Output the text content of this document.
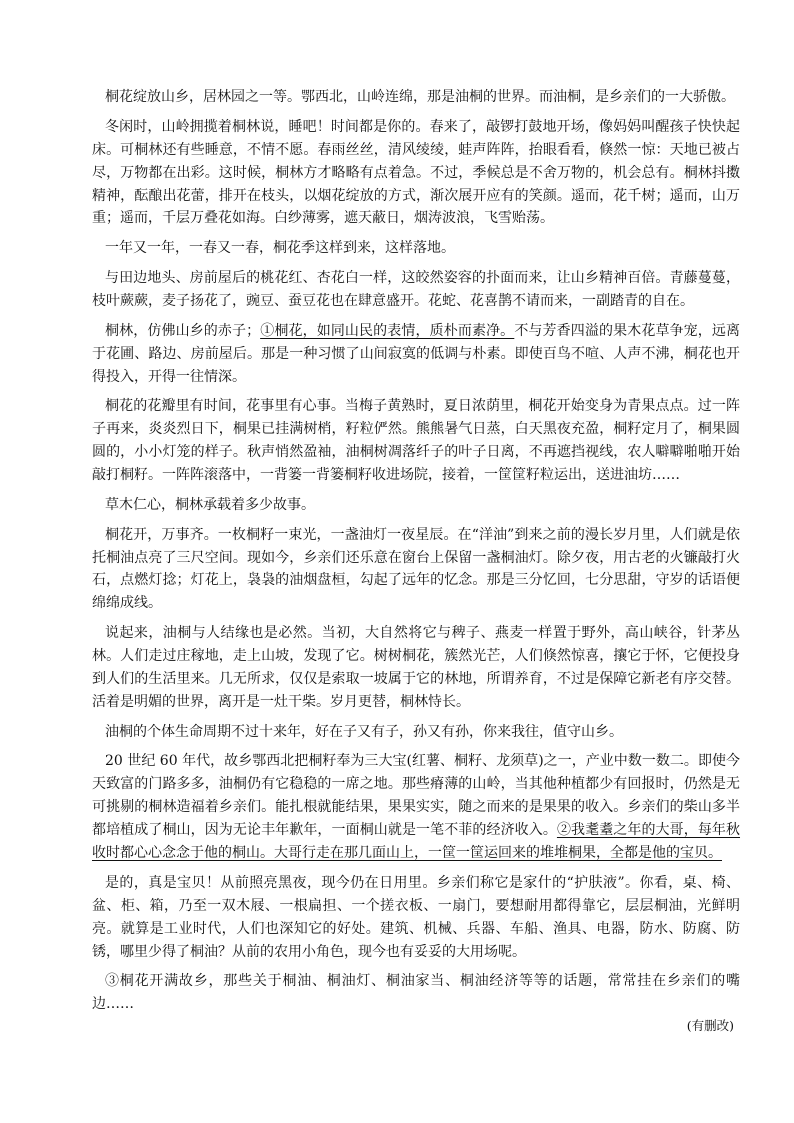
桐花绽放山乡，居林园之一等。鄂西北，山岭连绵，那是油桐的世界。而油桐，是乡亲们的一大骄傲。

冬闲时，山岭拥揽着桐林说，睡吧！时间都是你的。春来了，敲锣打鼓地开场，像妈妈叫醒孩子快快起床。可桐林还有些睡意，不情不愿。春雨丝丝，清风绫绫，蛙声阵阵，抬眼看看，倏然一惊：天地已被占尽，万物都在出彩。这时候，桐林方才略略有点着急。不过，季候总是不舍万物的，机会总有。桐林抖擞精神，酝酿出花蕾，排开在枝头，以烟花绽放的方式，渐次展开应有的笑颜。遥而，花千树；遥而，山万重；遥而，千层万叠花如海。白纱薄雾，遮天蔽日，烟涛波浪，飞雪贻荡。

一年又一年，一春又一春，桐花季这样到来，这样落地。

与田边地头、房前屋后的桃花红、杏花白一样，这皎然姿容的扑面而来，让山乡精神百倍。青藤蔓蔓，枝叶蕨蕨，麦子扬花了，豌豆、蚕豆花也在肆意盛开。花蛇、花喜鹊不请而来，一副踏青的自在。

桐林，仿佛山乡的赤子；①桐花，如同山民的表情，质朴而素净。不与芳香四溢的果木花草争宠，远离于花圃、路边、房前屋后。那是一种习惯了山间寂寞的低调与朴素。即使百鸟不喧、人声不沸，桐花也开得投入，开得一往情深。

桐花的花瓣里有时间，花事里有心事。当梅子黄熟时，夏日浓荫里，桐花开始变身为青果点点。过一阵子再来，炎炎烈日下，桐果已挂满树梢，籽粒俨然。熊熊暑气日蒸，白天黑夜充盈，桐籽定月了，桐果圆圆的，小小灯笼的样子。秋声悄然盈袖，油桐树凋落纤子的叶子日离，不再遮挡视线，农人噼噼啪啪开始敲打桐籽。一阵阵滚落中，一背篓一背篓桐籽收进场院，接着，一筐筐籽粒运出，送进油坊……

草木仁心，桐林承载着多少故事。

桐花开，万事齐。一枚桐籽一束光，一盏油灯一夜星辰。在“洋油”到来之前的漫长岁月里，人们就是依托桐油点亮了三尺空间。现如今，乡亲们还乐意在窗台上保留一盏桐油灯。除夕夜，用古老的火镰敲打火石，点燃灯捻；灯花上，袅袅的油烟盘桓，勾起了远年的忆念。那是三分忆回，七分思甜，守岁的话语便绵绵成线。

说起来，油桐与人结缘也是必然。当初，大自然将它与稗子、燕麦一样置于野外，高山峡谷，针茅丛林。人们走过庄稼地，走上山坡，发现了它。树树桐花，簇然光芒，人们倏然惊喜，攘它于怀，它便投身到人们的生活里来。几无所求，仅仅是索取一坡属于它的林地，所谓养育，不过是保障它新老有序交替。活着是明媚的世界，离开是一灶干柴。岁月更替，桐林恃长。

油桐的个体生命周期不过十来年，好在子又有子，孙又有孙，你来我往，值守山乡。

20 世纪 60 年代，故乡鄂西北把桐籽奉为三大宝(红薯、桐籽、龙须草)之一，产业中数一数二。即使今天致富的门路多多，油桐仍有它稳稳的一席之地。那些瘠薄的山岭，当其他种植都少有回报时，仍然是无可挑剔的桐林造福着乡亲们。能扎根就能结果，果果实实，随之而来的是果果的收入。乡亲们的柴山多半都培植成了桐山，因为无论丰年歉年，一面桐山就是一笔不菲的经济收入。②我耄耋之年的大哥，每年秋收时都心心念念于他的桐山。大哥行走在那几面山上，一筐一筐运回来的堆堆桐果，全都是他的宝贝。

是的，真是宝贝！从前照亮黑夜，现今仍在日用里。乡亲们称它是家什的“护肤液”。你看，桌、椅、盆、柜、箱，乃至一双木屐、一根扁担、一个搓衣板、一扇门，要想耐用都得靠它，层层桐油，光鲜明亮。就算是工业时代，人们也深知它的好处。建筑、机械、兵器、车船、渔具、电器，防水、防腐、防锈，哪里少得了桐油？从前的农用小角色，现今也有妥妥的大用场呢。

③桐花开满故乡，那些关于桐油、桐油灯、桐油家当、桐油经济等等的话题，常常挂在乡亲们的嘴边……

(有删改)
